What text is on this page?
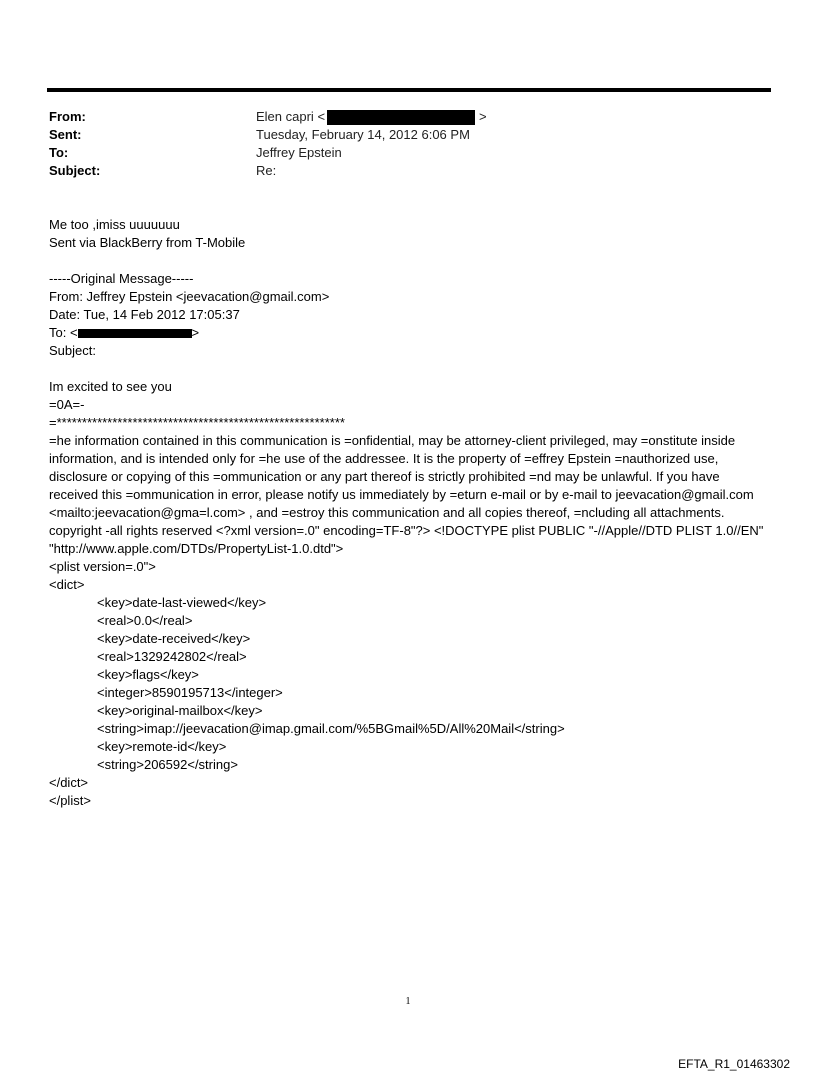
From:	Elen capri <	>
Sent:	Tuesday, February 14, 2012 6:06 PM
To:	Jeffrey Epstein
Subject:	Re:
Me too ,imiss uuuuuuu
Sent via BlackBerry from T-Mobile
-----Original Message-----
From: Jeffrey Epstein <jeevacation@gmail.com>
Date: Tue, 14 Feb 2012 17:05:37
To: <	>
Subject:
Im excited to see you
=0A=-
=*********************************************************
=he information contained in this communication is =onfidential, may be attorney-client privileged, may =onstitute inside information, and is intended only for =he use of the addressee. It is the property of =effrey Epstein =nauthorized use, disclosure or copying of this =ommunication or any part thereof is strictly prohibited =nd may be unlawful. If you have received this =ommunication in error, please notify us immediately by =eturn e-mail or by e-mail to jeevacation@gmail.com <mailto:jeevacation@gma=l.com> , and =estroy this communication and all copies thereof, =ncluding all attachments. copyright -all rights reserved <?xml version=.0" encoding=TF-8"?> <!DOCTYPE plist PUBLIC "-//Apple//DTD PLIST 1.0//EN" "http://www.apple.com/DTDs/PropertyList-1.0.dtd">
<plist version=.0">
<dict>
<key>date-last-viewed</key>
<real>0.0</real>
<key>date-received</key>
<real>1329242802</real>
<key>flags</key>
<integer>8590195713</integer>
<key>original-mailbox</key>
<string>imap://jeevacation@imap.gmail.com/%5BGmail%5D/All%20Mail</string>
<key>remote-id</key>
<string>206592</string>
</dict>
</plist>
1
EFTA_R1_01463302
